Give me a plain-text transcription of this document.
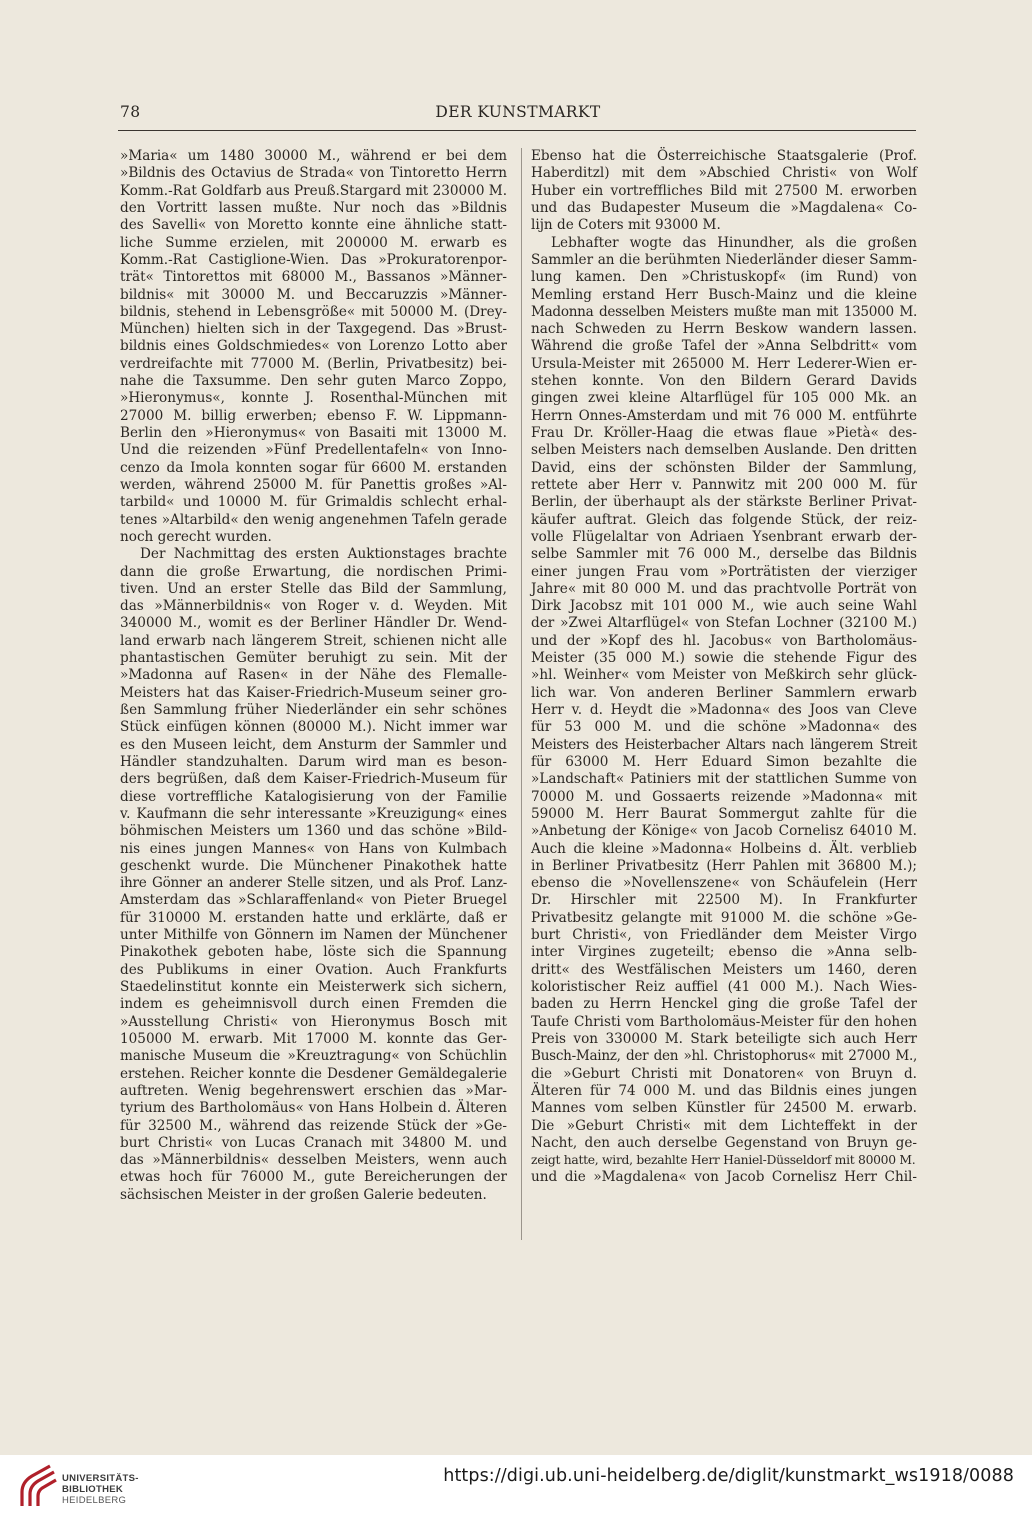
78	DER KUNSTMARKT
»Maria« um 1480 30000 M., während er bei dem
»Bildnis des Octavius de Strada« von Tintoretto Herrn
Komm.-Rat Goldfarb aus Preuß.Stargard mit 230000 M.
den Vortritt lassen mußte. Nur noch das »Bildnis
des Savelli« von Moretto konnte eine ähnliche statt-
liche Summe erzielen, mit 200000 M. erwarb es
Komm.-Rat Castiglione-Wien. Das »Prokuratorenpor-
trät« Tintorettos mit 68000 M., Bassanos »Männer-
bildnis« mit 30000 M. und Beccaruzzis »Männer-
bildnis, stehend in Lebensgröße« mit 50000 M. (Drey-
München) hielten sich in der Taxgegend. Das »Brust-
bildnis eines Goldschmiedes« von Lorenzo Lotto aber
verdreifachte mit 77000 M. (Berlin, Privatbesitz) bei-
nahe die Taxsumme. Den sehr guten Marco Zoppo,
»Hieronymus«, konnte J. Rosenthal-München mit
27000 M. billig erwerben; ebenso F. W. Lippmann-
Berlin den »Hieronymus« von Basaiti mit 13000 M.
Und die reizenden »Fünf Predellentafeln« von Inno-
cenzo da Imola konnten sogar für 6600 M. erstanden
werden, während 25000 M. für Panettis großes »Al-
tarbild« und 10000 M. für Grimaldis schlecht erhal-
tenes »Altarbild« den wenig angenehmen Tafeln gerade
noch gerecht wurden.
Der Nachmittag des ersten Auktionstages brachte
dann die große Erwartung, die nordischen Primi-
tiven. Und an erster Stelle das Bild der Sammlung,
das »Männerbildnis« von Roger v. d. Weyden. Mit
340000 M., womit es der Berliner Händler Dr. Wend-
land erwarb nach längerem Streit, schienen nicht alle
phantastischen Gemüter beruhigt zu sein. Mit der
»Madonna auf Rasen« in der Nähe des Flemalle-
Meisters hat das Kaiser-Friedrich-Museum seiner gro-
ßen Sammlung früher Niederländer ein sehr schönes
Stück einfügen können (80000 M.). Nicht immer war
es den Museen leicht, dem Ansturm der Sammler und
Händler standzuhalten. Darum wird man es beson-
ders begrüßen, daß dem Kaiser-Friedrich-Museum für
diese vortreffliche Katalogisierung von der Familie
v. Kaufmann die sehr interessante »Kreuzigung« eines
böhmischen Meisters um 1360 und das schöne »Bild-
nis eines jungen Mannes« von Hans von Kulmbach
geschenkt wurde. Die Münchener Pinakothek hatte
ihre Gönner an anderer Stelle sitzen, und als Prof. Lanz-
Amsterdam das »Schlaraffenland« von Pieter Bruegel
für 310000 M. erstanden hatte und erklärte, daß er
unter Mithilfe von Gönnern im Namen der Münchener
Pinakothek geboten habe, löste sich die Spannung
des Publikums in einer Ovation. Auch Frankfurts
Staedelinstitut konnte ein Meisterwerk sich sichern,
indem es geheimnisvoll durch einen Fremden die
»Ausstellung Christi« von Hieronymus Bosch mit
105000 M. erwarb. Mit 17000 M. konnte das Ger-
manische Museum die »Kreuztragung« von Schüchlin
erstehen. Reicher konnte die Desdener Gemäldegalerie
auftreten. Wenig begehrenswert erschien das »Mar-
tyrium des Bartholomäus« von Hans Holbein d. Älteren
für 32500 M., während das reizende Stück der »Ge-
burt Christi« von Lucas Cranach mit 34800 M. und
das »Männerbildnis« desselben Meisters, wenn auch
etwas hoch für 76000 M., gute Bereicherungen der
sächsischen Meister in der großen Galerie bedeuten.
Ebenso hat die Österreichische Staatsgalerie (Prof.
Haberditzl) mit dem »Abschied Christi« von Wolf
Huber ein vortreffliches Bild mit 27500 M. erworben
und das Budapester Museum die »Magdalena« Co-
lijn de Coters mit 93000 M.
Lebhafter wogte das Hinundher, als die großen
Sammler an die berühmten Niederländer dieser Samm-
lung kamen. Den »Christuskopf« (im Rund) von
Memling erstand Herr Busch-Mainz und die kleine
Madonna desselben Meisters mußte man mit 135000 M.
nach Schweden zu Herrn Beskow wandern lassen.
Während die große Tafel der »Anna Selbdritt« vom
Ursula-Meister mit 265000 M. Herr Lederer-Wien er-
stehen konnte. Von den Bildern Gerard Davids
gingen zwei kleine Altarflügel für 105 000 Mk. an
Herrn Onnes-Amsterdam und mit 76 000 M. entführte
Frau Dr. Kröller-Haag die etwas flaue »Pietà« des-
selben Meisters nach demselben Auslande. Den dritten
David, eins der schönsten Bilder der Sammlung,
rettete aber Herr v. Pannwitz mit 200 000 M. für
Berlin, der überhaupt als der stärkste Berliner Privat-
käufer auftrat. Gleich das folgende Stück, der reiz-
volle Flügelaltar von Adriaen Ysenbrant erwarb der-
selbe Sammler mit 76 000 M., derselbe das Bildnis
einer jungen Frau vom »Porträtisten der vierziger
Jahre« mit 80 000 M. und das prachtvolle Porträt von
Dirk Jacobsz mit 101 000 M., wie auch seine Wahl
der »Zwei Altarflügel« von Stefan Lochner (32100 M.)
und der »Kopf des hl. Jacobus« von Bartholomäus-
Meister (35 000 M.) sowie die stehende Figur des
»hl. Weinher« vom Meister von Meßkirch sehr glück-
lich war. Von anderen Berliner Sammlern erwarb
Herr v. d. Heydt die »Madonna« des Joos van Cleve
für 53 000 M. und die schöne »Madonna« des
Meisters des Heisterbacher Altars nach längerem Streit
für 63000 M. Herr Eduard Simon bezahlte die
»Landschaft« Patiniers mit der stattlichen Summe von
70000 M. und Gossaerts reizende »Madonna« mit
59000 M. Herr Baurat Sommergut zahlte für die
»Anbetung der Könige« von Jacob Cornelisz 64010 M.
Auch die kleine »Madonna« Holbeins d. Ält. verblieb
in Berliner Privatbesitz (Herr Pahlen mit 36800 M.);
ebenso die »Novellenszene« von Schäufelein (Herr
Dr. Hirschler mit 22500 M). In Frankfurter
Privatbesitz gelangte mit 91000 M. die schöne »Ge-
burt Christi«, von Friedländer dem Meister Virgo
inter Virgines zugeteilt; ebenso die »Anna selb-
dritt« des Westfälischen Meisters um 1460, deren
koloristischer Reiz auffiel (41 000 M.). Nach Wies-
baden zu Herrn Henckel ging die große Tafel der
Taufe Christi vom Bartholomäus-Meister für den hohen
Preis von 330000 M. Stark beteiligte sich auch Herr
Busch-Mainz, der den »hl. Christophorus« mit 27000 M.,
die »Geburt Christi mit Donatoren« von Bruyn d.
Älteren für 74 000 M. und das Bildnis eines jungen
Mannes vom selben Künstler für 24500 M. erwarb.
Die »Geburt Christi« mit dem Lichteffekt in der
Nacht, den auch derselbe Gegenstand von Bruyn ge-
zeigt hatte, wird, bezahlte Herr Haniel-Düsseldorf mit 80000 M.
und die »Magdalena« von Jacob Cornelisz Herr Chil-
UNIVERSITÄTS-
BIBLIOTHEK
HEIDELBERG
https://digi.ub.uni-heidelberg.de/diglit/kunstmarkt_ws1918/0088
